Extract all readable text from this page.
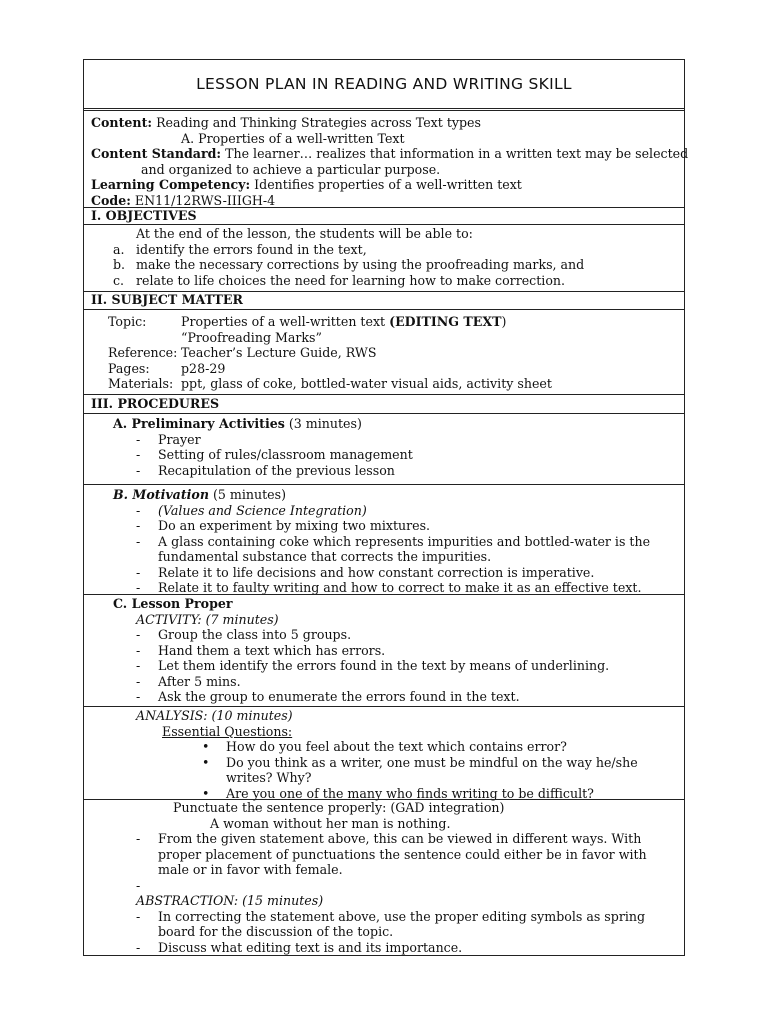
LESSON PLAN IN READING AND WRITING SKILL
Content: Reading and Thinking Strategies across Text types
A. Properties of a well-written Text
Content Standard: The learner… realizes that information in a written text may be selected
and organized to achieve a particular purpose.
Learning Competency: Identifies properties of a well-written text
Code: EN11/12RWS-IIIGH-4
I. OBJECTIVES
At the end of the lesson, the students will be able to:
a. identify the errors found in the text,
b. make the necessary corrections by using the proofreading marks, and
c. relate to life choices the need for learning how to make correction.
II. SUBJECT MATTER
Topic:	Properties of a well-written text (EDITING TEXT)
“Proofreading Marks”
Reference: Teacher’s Lecture Guide, RWS
Pages: p28-29
Materials: ppt, glass of coke, bottled-water visual aids, activity sheet
III. PROCEDURES
A. Preliminary Activities (3 minutes)
- Prayer
- Setting of rules/classroom management
- Recapitulation of the previous lesson
B. Motivation (5 minutes)
- (Values and Science Integration)
- Do an experiment by mixing two mixtures.
- A glass containing coke which represents impurities and bottled-water is the
fundamental substance that corrects the impurities.
- Relate it to life decisions and how constant correction is imperative.
- Relate it to faulty writing and how to correct to make it as an effective text.
C. Lesson Proper
ACTIVITY: (7 minutes)
- Group the class into 5 groups.
- Hand them a text which has errors.
- Let them identify the errors found in the text by means of underlining.
- After 5 mins.
- Ask the group to enumerate the errors found in the text.
ANALYSIS: (10 minutes)
Essential Questions:
• How do you feel about the text which contains error?
• Do you think as a writer, one must be mindful on the way he/she
writes? Why?
• Are you one of the many who finds writing to be difficult?
Punctuate the sentence properly: (GAD integration)
A woman without her man is nothing.
- From the given statement above, this can be viewed in different ways. With
proper placement of punctuations the sentence could either be in favor with
male or in favor with female.
-
ABSTRACTION: (15 minutes)
- In correcting the statement above, use the proper editing symbols as spring
board for the discussion of the topic.
- Discuss what editing text is and its importance.
